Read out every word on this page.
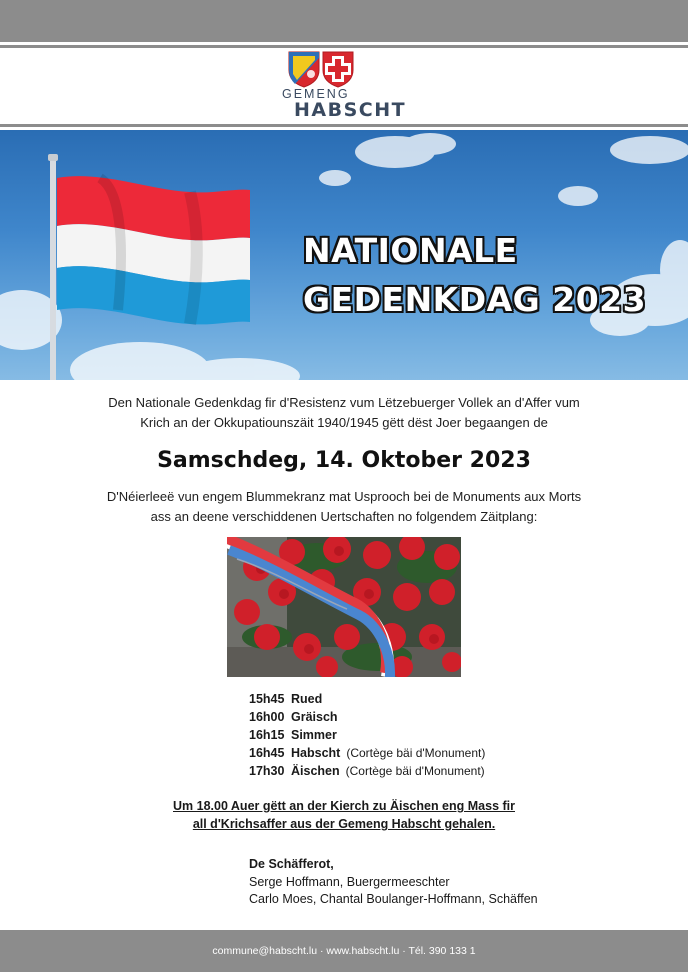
GEMENG
HABSCHT
NATIONALE
GEDENKDAG 2023
Den Nationale Gedenkdag fir d'Resistenz vum Lëtzebuerger Vollek an d'Affer vum
Krich an der Okkupatiounszäit 1940/1945 gëtt dëst Joer begaangen de
Samschdeg, 14. Oktober 2023
D'Néierleeë vun engem Blummekranz mat Usprooch bei de Monuments aux Morts
ass an deene verschiddenen Uertschaften no folgendem Zäitplang:
15h45 Rued
16h00 Gräisch
16h15 Simmer
16h45 Habscht (Cortège bäi d'Monument)
17h30 Äischen (Cortège bäi d'Monument)
Um 18.00 Auer gëtt an der Kierch zu Äischen eng Mass fir
all d'Krichsaffer aus der Gemeng Habscht gehalen.
De Schäfferot,
Serge Hoffmann, Buergermeeschter
Carlo Moes, Chantal Boulanger-Hoffmann, Schäffen
commune@habscht.lu · www.habscht.lu · Tél. 390 133 1
